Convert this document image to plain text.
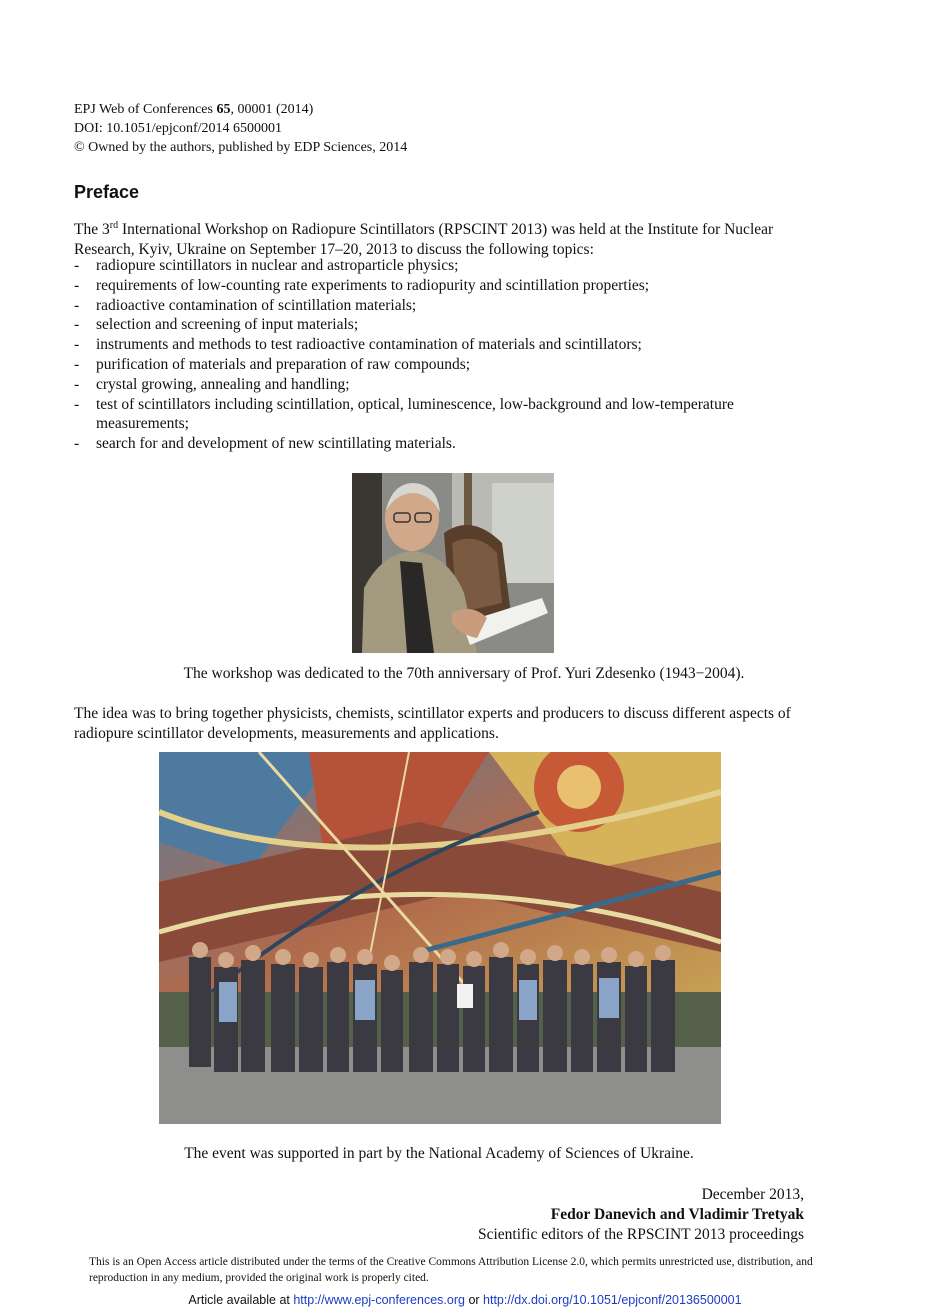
EPJ Web of Conferences 65, 00001 (2014)
DOI: 10.1051/epjconf/2014 6500001
© Owned by the authors, published by EDP Sciences, 2014
Preface
The 3rd International Workshop on Radiopure Scintillators (RPSCINT 2013) was held at the Institute for Nuclear Research, Kyiv, Ukraine on September 17–20, 2013 to discuss the following topics:
- radiopure scintillators in nuclear and astroparticle physics;
- requirements of low-counting rate experiments to radiopurity and scintillation properties;
- radioactive contamination of scintillation materials;
- selection and screening of input materials;
- instruments and methods to test radioactive contamination of materials and scintillators;
- purification of materials and preparation of raw compounds;
- crystal growing, annealing and handling;
- test of scintillators including scintillation, optical, luminescence, low-background and low-temperature measurements;
- search for and development of new scintillating materials.
The workshop was dedicated to the 70th anniversary of Prof. Yuri Zdesenko (1943−2004).
The idea was to bring together physicists, chemists, scintillator experts and producers to discuss different aspects of radiopure scintillator developments, measurements and applications.
The event was supported in part by the National Academy of Sciences of Ukraine.
December 2013,
Fedor Danevich and Vladimir Tretyak
Scientific editors of the RPSCINT 2013 proceedings
This is an Open Access article distributed under the terms of the Creative Commons Attribution License 2.0, which permits unrestricted use, distribution, and reproduction in any medium, provided the original work is properly cited.
Article available at http://www.epj-conferences.org or http://dx.doi.org/10.1051/epjconf/20136500001
